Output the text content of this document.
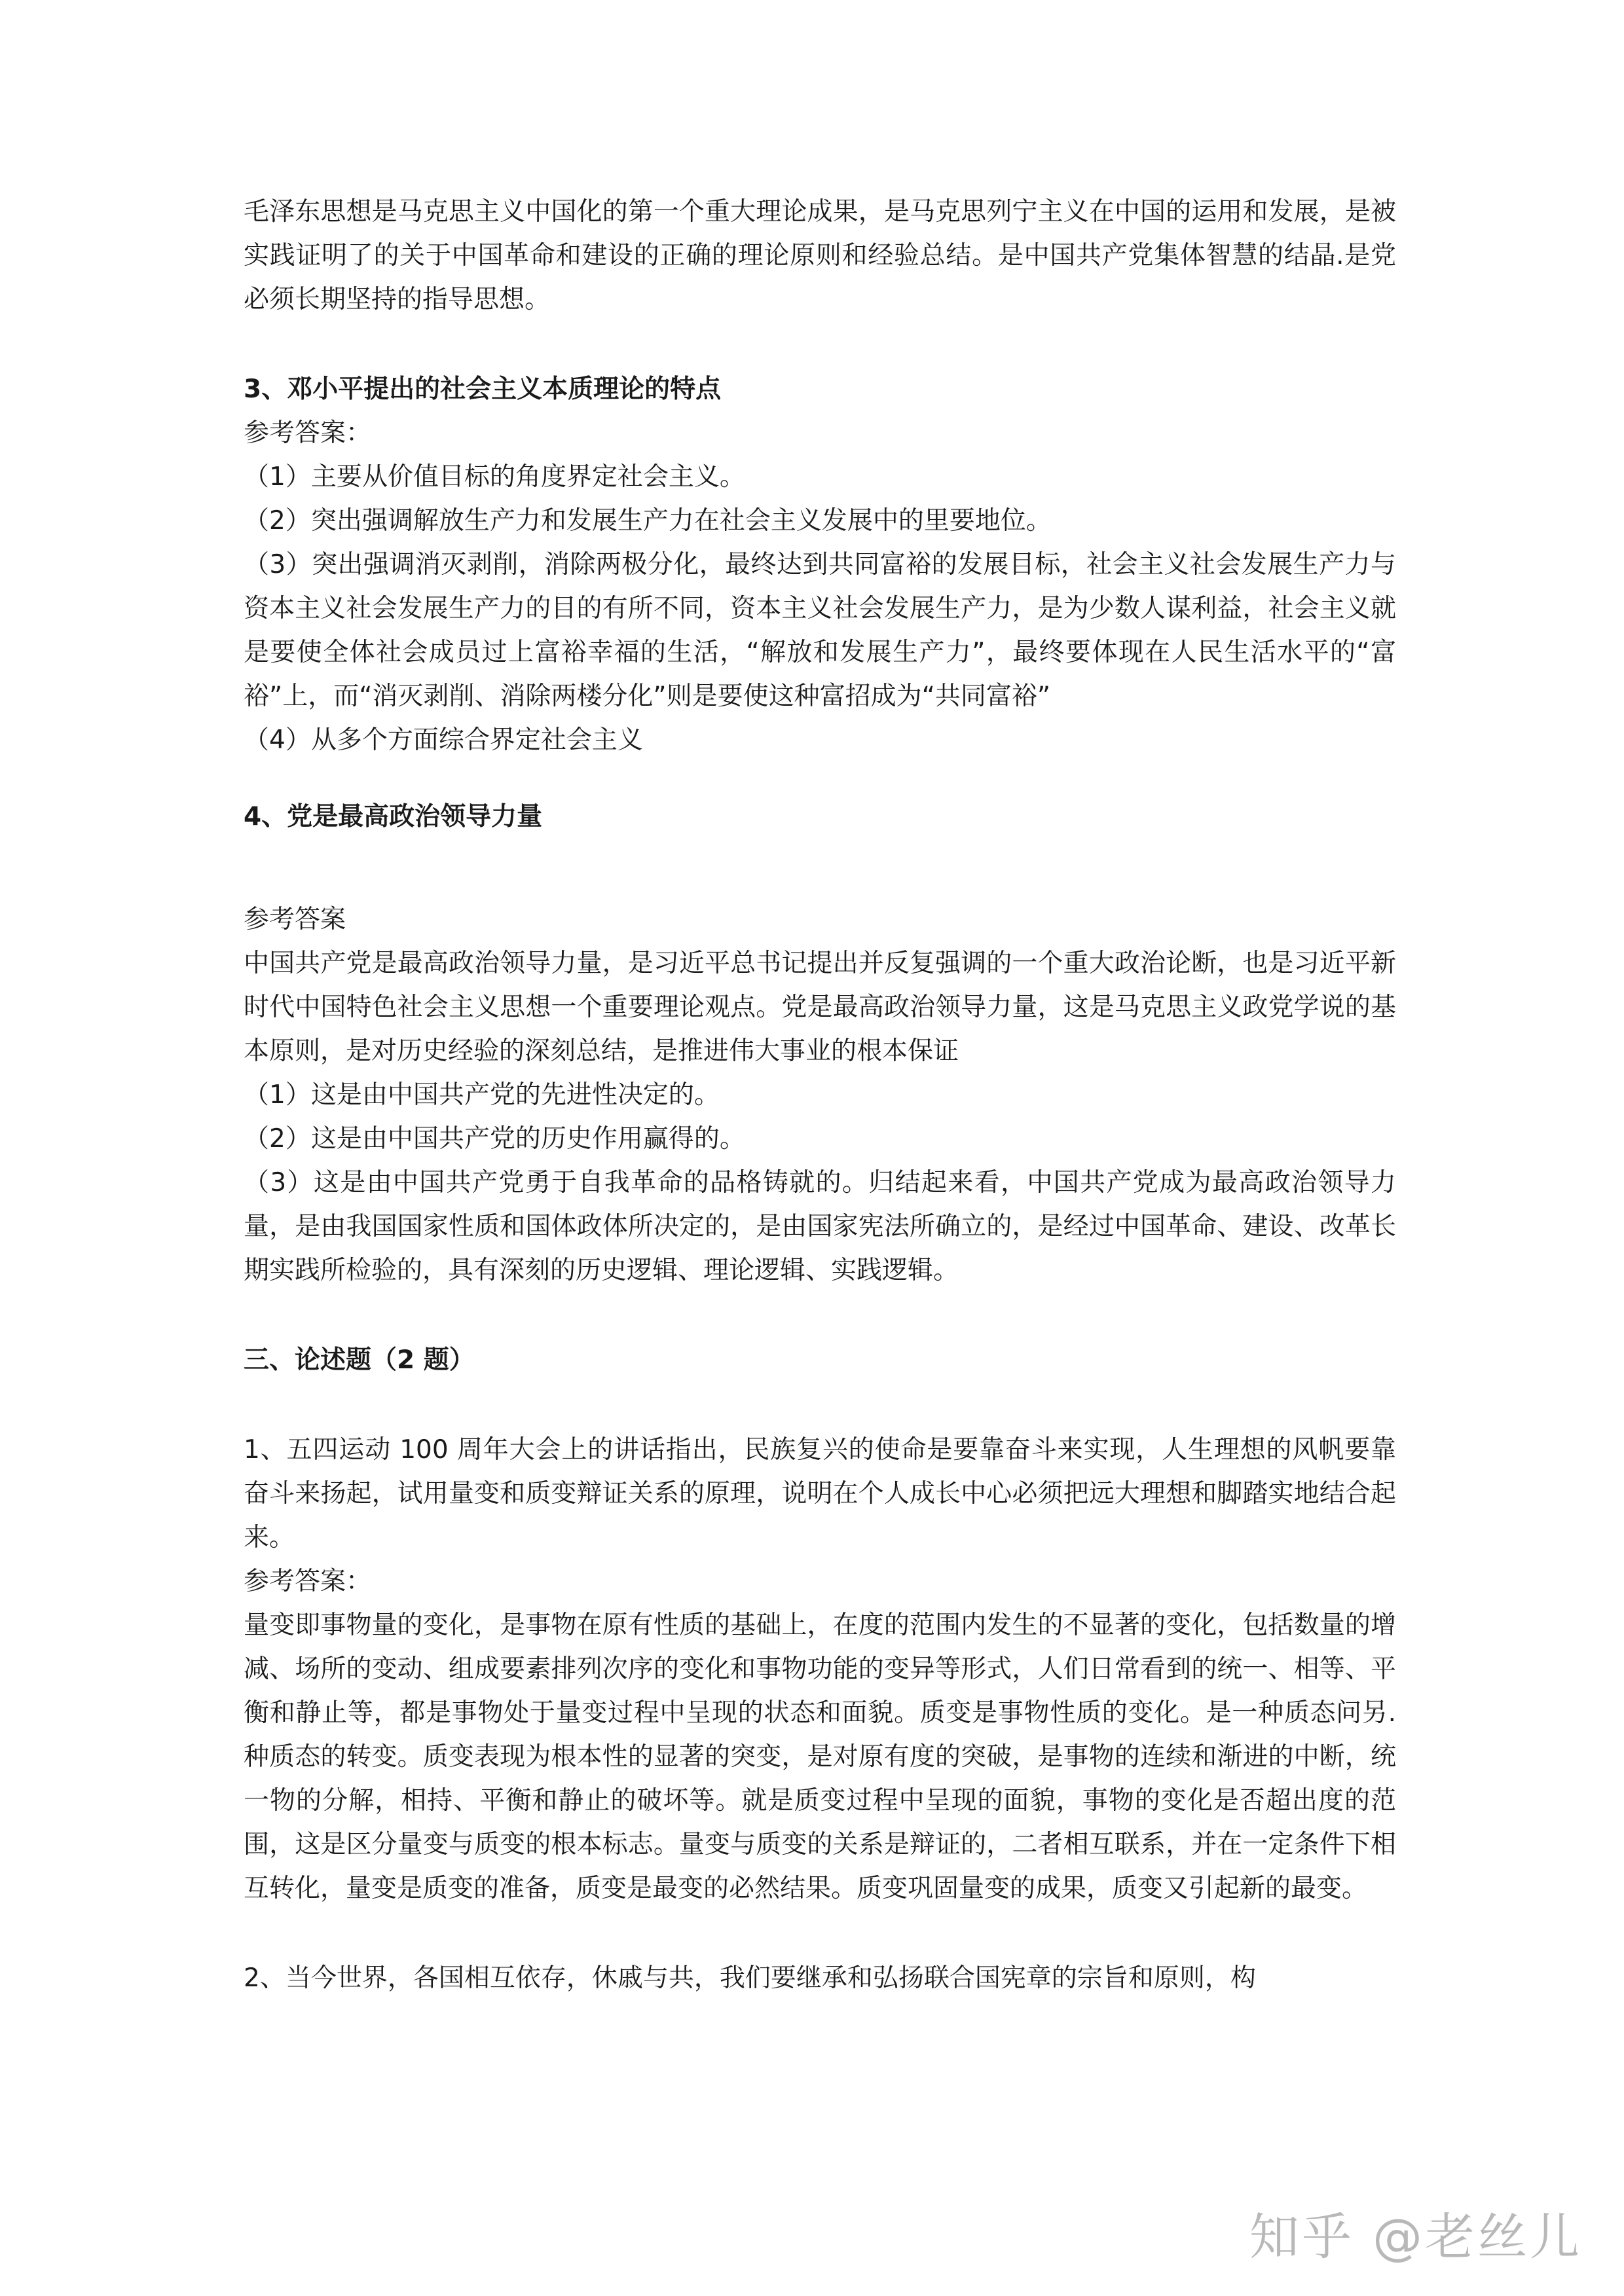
毛泽东思想是马克思主义中国化的第一个重大理论成果，是马克思列宁主义在中国的运用和发展，是被实践证明了的关于中国革命和建设的正确的理论原则和经验总结。是中国共产党集体智慧的结晶.是党必须长期坚持的指导思想。

3、邓小平提出的社会主义本质理论的特点

参考答案：

（1）主要从价值目标的角度界定社会主义。

（2）突出强调解放生产力和发展生产力在社会主义发展中的里要地位。

（3）突出强调消灭剥削，消除两极分化，最终达到共同富裕的发展目标，社会主义社会发展生产力与资本主义社会发展生产力的目的有所不同，资本主义社会发展生产力，是为少数人谋利益，社会主义就是要使全体社会成员过上富裕幸福的生活，“解放和发展生产力”，最终要体现在人民生活水平的“富裕”上，而“消灭剥削、消除两楼分化”则是要使这种富招成为“共同富裕”

（4）从多个方面综合界定社会主义

4、党是最高政治领导力量

参考答案

中国共产党是最高政治领导力量，是习近平总书记提出并反复强调的一个重大政治论断，也是习近平新时代中国特色社会主义思想一个重要理论观点。党是最高政治领导力量，这是马克思主义政党学说的基本原则，是对历史经验的深刻总结，是推进伟大事业的根本保证

（1）这是由中国共产党的先进性决定的。

（2）这是由中国共产党的历史作用赢得的。

（3）这是由中国共产党勇于自我革命的品格铸就的。归结起来看，中国共产党成为最高政治领导力量，是由我国国家性质和国体政体所决定的，是由国家宪法所确立的，是经过中国革命、建设、改革长期实践所检验的，具有深刻的历史逻辑、理论逻辑、实践逻辑。

三、论述题（2 题）

1、五四运动 100 周年大会上的讲话指出，民族复兴的使命是要靠奋斗来实现，人生理想的风帆要靠奋斗来扬起，试用量变和质变辩证关系的原理，说明在个人成长中心必须把远大理想和脚踏实地结合起来。

参考答案：

量变即事物量的变化，是事物在原有性质的基础上，在度的范围内发生的不显著的变化，包括数量的增减、场所的变动、组成要素排列次序的变化和事物功能的变异等形式，人们日常看到的统一、相等、平衡和静止等，都是事物处于量变过程中呈现的状态和面貌。质变是事物性质的变化。是一种质态问另.种质态的转变。质变表现为根本性的显著的突变，是对原有度的突破，是事物的连续和渐进的中断，统一物的分解，相持、平衡和静止的破坏等。就是质变过程中呈现的面貌，事物的变化是否超出度的范围，这是区分量变与质变的根本标志。量变与质变的关系是辩证的，二者相互联系，并在一定条件下相互转化，量变是质变的准备，质变是最变的必然结果。质变巩固量变的成果，质变又引起新的最变。

2、当今世界，各国相互依存，休戚与共，我们要继承和弘扬联合国宪章的宗旨和原则，构

知乎 @老丝儿
